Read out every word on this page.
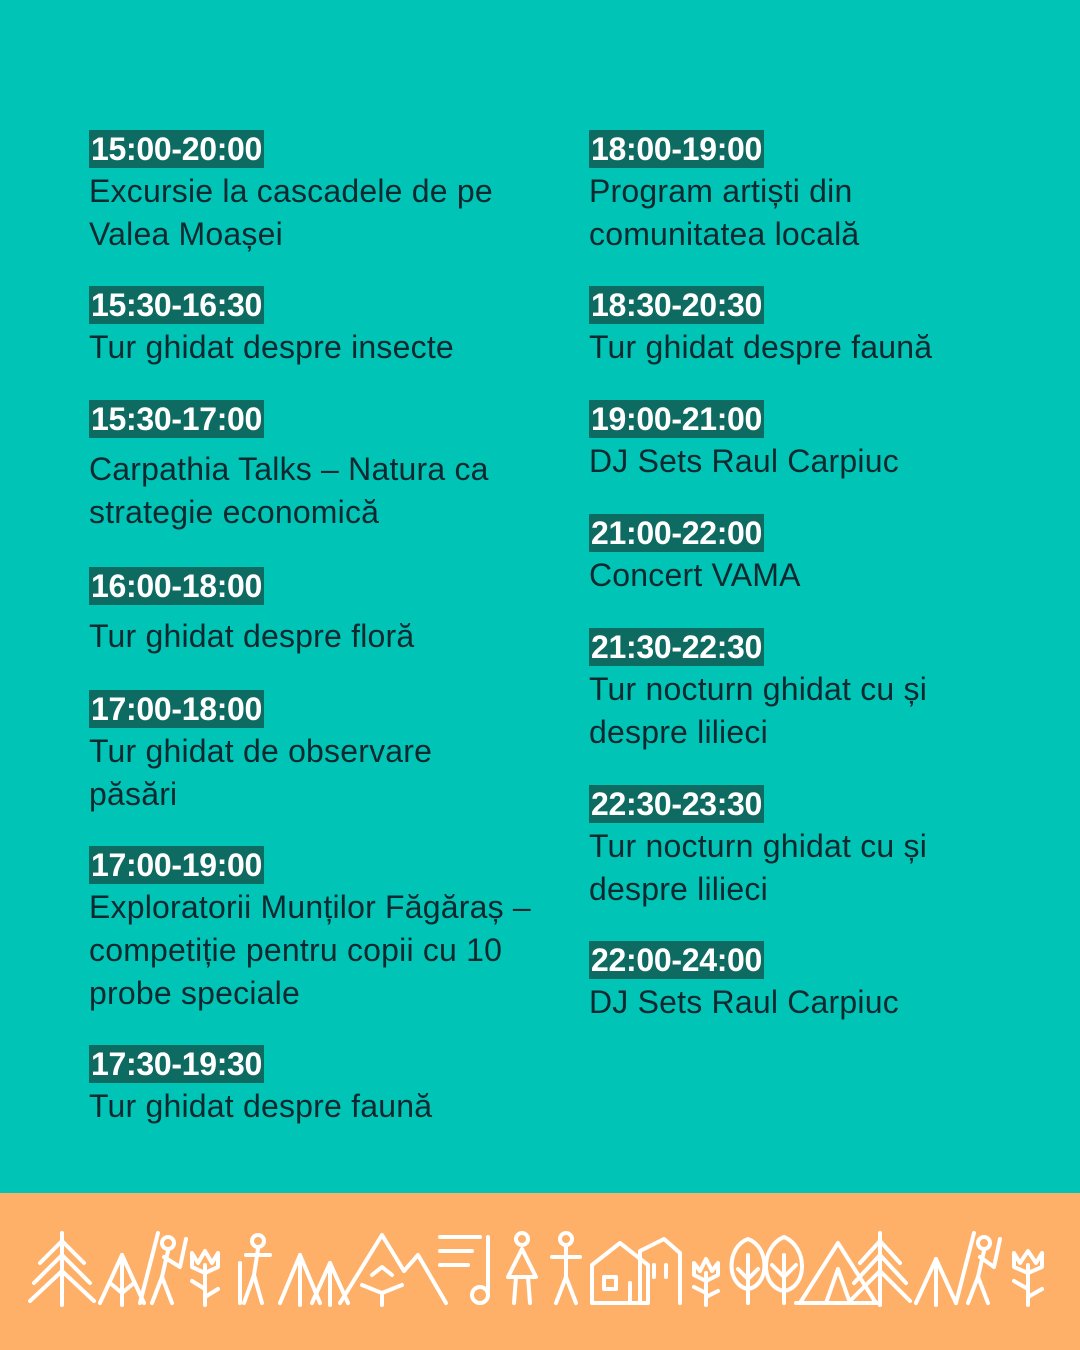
15:00-20:00
Excursie la cascadele de pe Valea Moașei
15:30-16:30
Tur ghidat despre insecte
15:30-17:00
Carpathia Talks – Natura ca strategie economică
16:00-18:00
Tur ghidat despre floră
17:00-18:00
Tur ghidat de observare păsări
17:00-19:00
Exploratorii Munților Făgăraș – competiție pentru copii cu 10 probe speciale
17:30-19:30
Tur ghidat despre faună
18:00-19:00
Program artiști din comunitatea locală
18:30-20:30
Tur ghidat despre faună
19:00-21:00
DJ Sets Raul Carpiuc
21:00-22:00
Concert VAMA
21:30-22:30
Tur nocturn ghidat cu și despre lilieci
22:30-23:30
Tur nocturn ghidat cu și despre lilieci
22:00-24:00
DJ Sets Raul Carpiuc
